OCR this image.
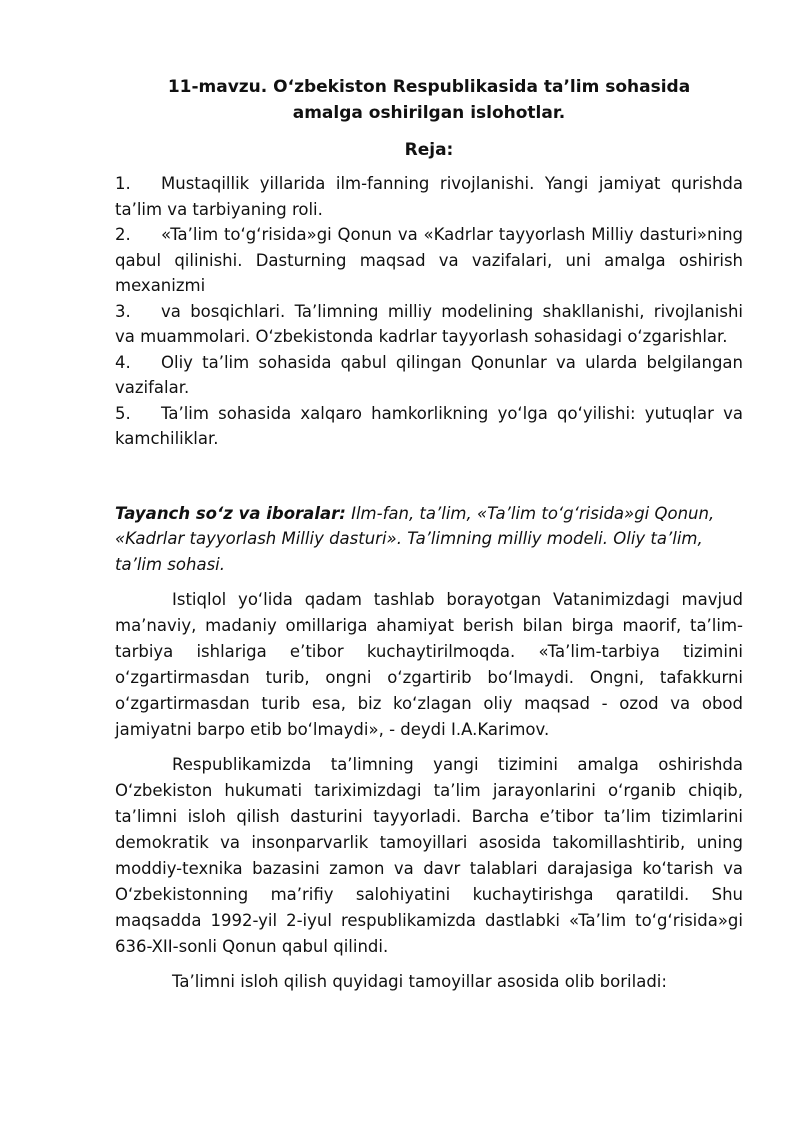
11-mavzu. O‘zbekiston Respublikasida ta’lim sohasida amalga oshirilgan islohotlar.
Reja:
1. Mustaqillik yillarida ilm-fanning rivojlanishi. Yangi jamiyat qurishda ta’lim va tarbiyaning roli.
2. «Ta’lim to‘g‘risida»gi Qonun va «Kadrlar tayyorlash Milliy dasturi»ning qabul qilinishi. Dasturning maqsad va vazifalari, uni amalga oshirish mexanizmi
3. va bosqichlari. Ta’limning milliy modelining shakllanishi, rivojlanishi va muammolari. O‘zbekistonda kadrlar tayyorlash sohasidagi o‘zgarishlar.
4. Oliy ta’lim sohasida qabul qilingan Qonunlar va ularda belgilangan vazifalar.
5. Ta’lim sohasida xalqaro hamkorlikning yo‘lga qo‘yilishi: yutuqlar va kamchiliklar.
Tayanch so‘z va iboralar: Ilm-fan, ta’lim, «Ta’lim to‘g‘risida»gi Qonun, «Kadrlar tayyorlash Milliy dasturi». Ta’limning milliy modeli. Oliy ta’lim, ta’lim sohasi.

Istiqlol yo‘lida qadam tashlab borayotgan Vatanimizdagi mavjud ma’naviy, madaniy omillariga ahamiyat berish bilan birga maorif, ta’lim-tarbiya ishlariga e’tibor kuchaytirilmoqda. «Ta’lim-tarbiya tizimini o‘zgartirmasdan turib, ongni o‘zgartirib bo‘lmaydi. Ongni, tafakkurni o‘zgartirmasdan turib esa, biz ko‘zlagan oliy maqsad - ozod va obod jamiyatni barpo etib bo‘lmaydi», - deydi I.A.Karimov.

Respublikamizda ta’limning yangi tizimini amalga oshirishda O‘zbekiston hukumati tariximizdagi ta’lim jarayonlarini o‘rganib chiqib, ta’limni isloh qilish dasturini tayyorladi. Barcha e’tibor ta’lim tizimlarini demokratik va insonparvarlik tamoyillari asosida takomillashtirib, uning moddiy-texnika bazasini zamon va davr talablari darajasiga ko‘tarish va O‘zbekistonning ma’rifiy salohiyatini kuchaytirishga qaratildi. Shu maqsadda 1992-yil 2-iyul respublikamizda dastlabki «Ta’lim to‘g‘risida»gi 636-XII-sonli Qonun qabul qilindi.

Ta’limni isloh qilish quyidagi tamoyillar asosida olib boriladi:
